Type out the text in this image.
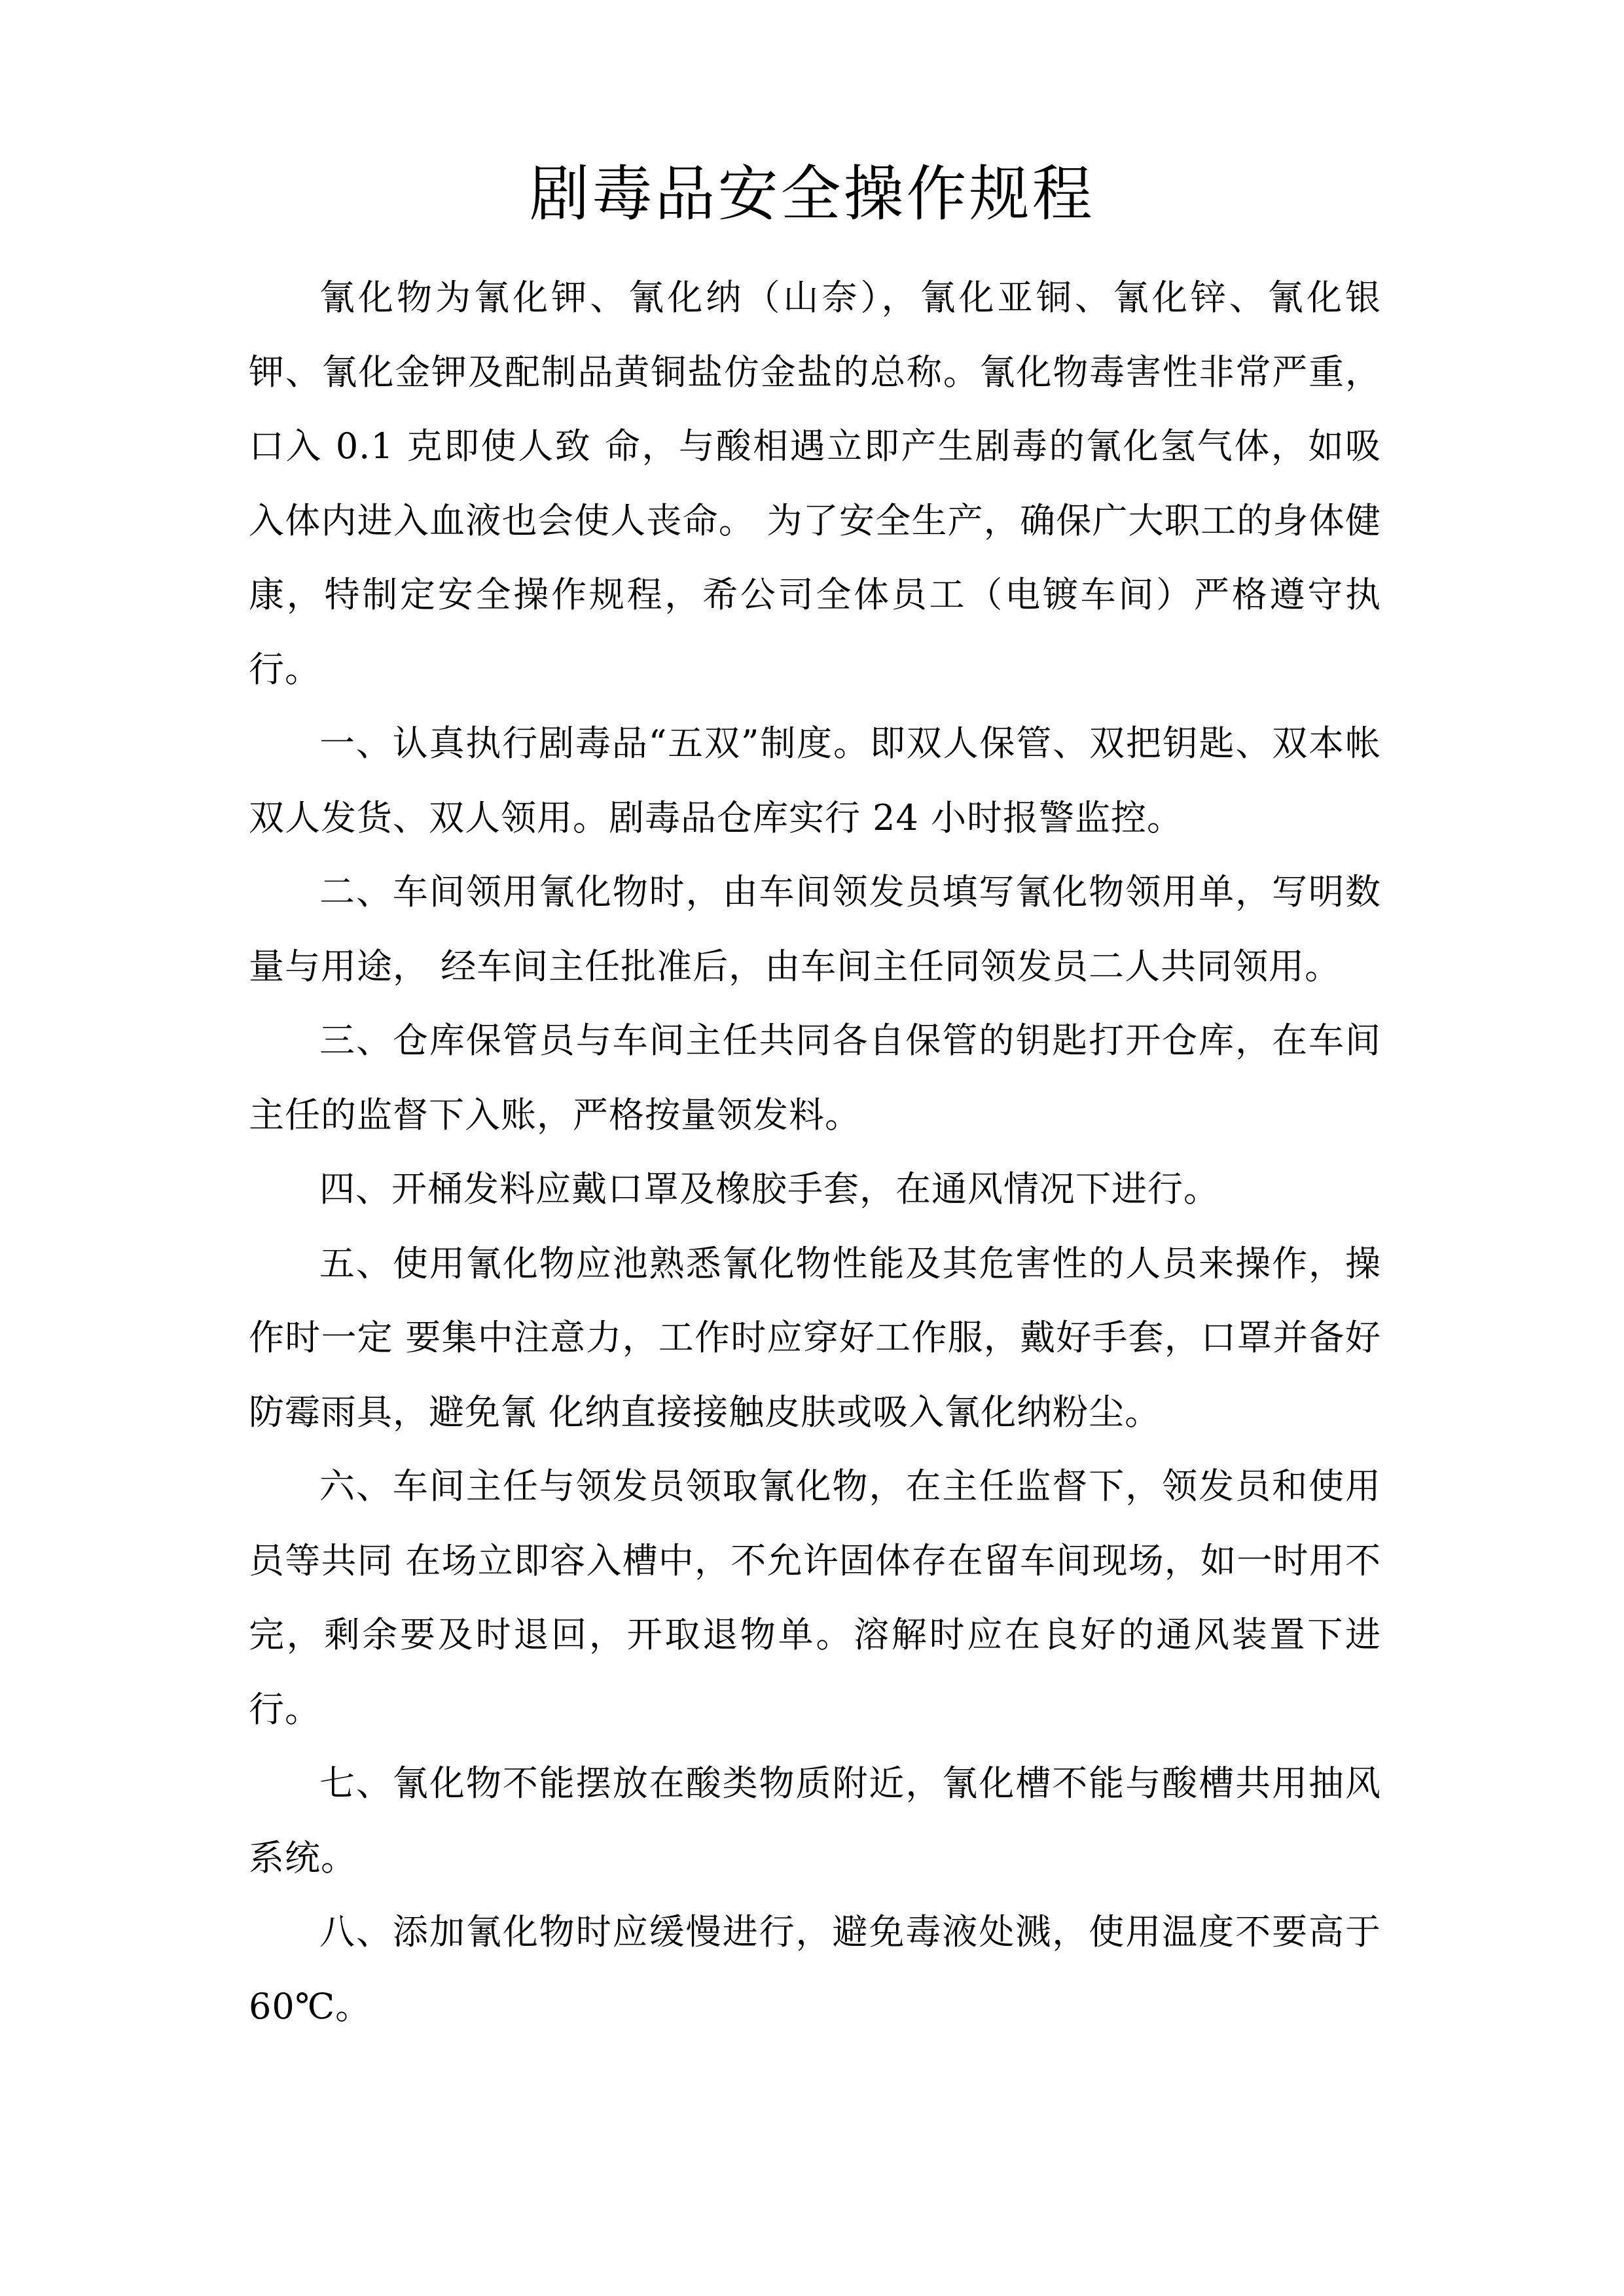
剧毒品安全操作规程

氰化物为氰化钾、氰化纳（山奈），氰化亚铜、氰化锌、氰化银钾、氰化金钾及配制品黄铜盐仿金盐的总称。氰化物毒害性非常严重，口入 0.1 克即使人致 命，与酸相遇立即产生剧毒的氰化氢气体，如吸入体内进入血液也会使人丧命。 为了安全生产，确保广大职工的身体健康，特制定安全操作规程，希公司全体员工（电镀车间）严格遵守执行。

一、认真执行剧毒品“五双”制度。即双人保管、双把钥匙、双本帐双人发货、双人领用。剧毒品仓库实行 24 小时报警监控。

二、车间领用氰化物时，由车间领发员填写氰化物领用单，写明数量与用途， 经车间主任批准后，由车间主任同领发员二人共同领用。

三、仓库保管员与车间主任共同各自保管的钥匙打开仓库，在车间主任的监督下入账，严格按量领发料。

四、开桶发料应戴口罩及橡胶手套，在通风情况下进行。

五、使用氰化物应池熟悉氰化物性能及其危害性的人员来操作，操作时一定 要集中注意力，工作时应穿好工作服，戴好手套，口罩并备好防霉雨具，避免氰 化纳直接接触皮肤或吸入氰化纳粉尘。

六、车间主任与领发员领取氰化物，在主任监督下，领发员和使用员等共同 在场立即容入槽中，不允许固体存在留车间现场，如一时用不完，剩余要及时退回，开取退物单。溶解时应在良好的通风装置下进行。

七、氰化物不能摆放在酸类物质附近，氰化槽不能与酸槽共用抽风系统。

八、添加氰化物时应缓慢进行，避免毒液处溅，使用温度不要高于 60℃。
